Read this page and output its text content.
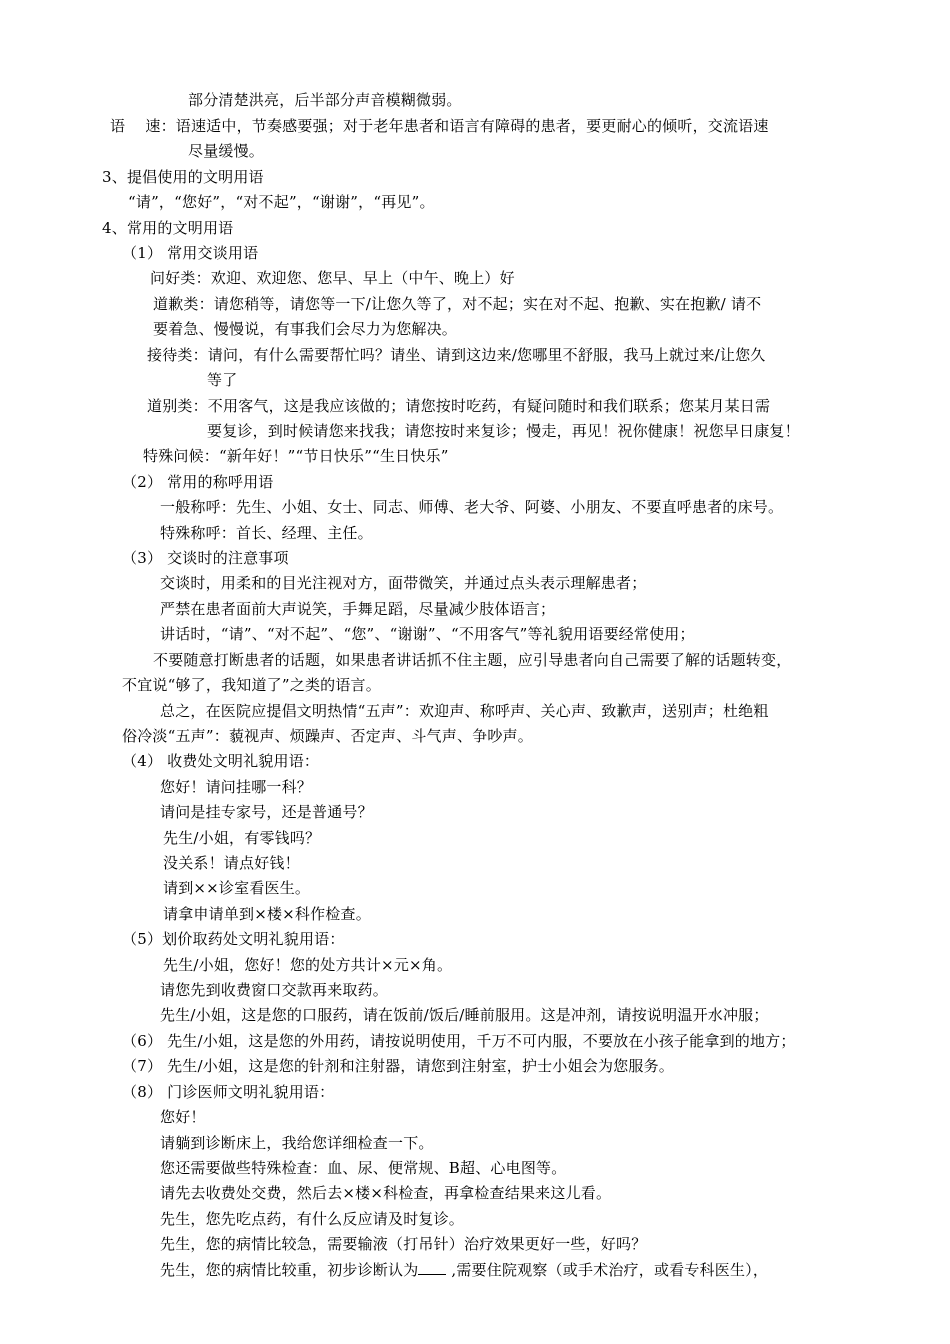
部分清楚洪亮，后半部分声音模糊微弱。
语　 速：语速适中，节奏感要强；对于老年患者和语言有障碍的患者，要更耐心的倾听，交流语速
尽量缓慢。
3、提倡使用的文明用语
“请”，“您好”，“对不起”，“谢谢”，“再见”。
4、常用的文明用语
（1） 常用交谈用语
问好类：欢迎、欢迎您、您早、早上（中午、晚上）好
道歉类：请您稍等，请您等一下/让您久等了，对不起；实在对不起、抱歉、实在抱歉/ 请不
要着急、慢慢说，有事我们会尽力为您解决。
接待类：请问，有什么需要帮忙吗？请坐、请到这边来/您哪里不舒服，我马上就过来/让您久
等了
道别类：不用客气，这是我应该做的；请您按时吃药，有疑问随时和我们联系；您某月某日需
要复诊，到时候请您来找我；请您按时来复诊；慢走，再见！祝你健康！祝您早日康复！
特殊问候：“新年好！”“节日快乐”“生日快乐”
（2） 常用的称呼用语
一般称呼：先生、小姐、女士、同志、师傅、老大爷、阿婆、小朋友、不要直呼患者的床号。
特殊称呼：首长、经理、主任。
（3） 交谈时的注意事项
交谈时，用柔和的目光注视对方，面带微笑，并通过点头表示理解患者；
严禁在患者面前大声说笑，手舞足蹈，尽量减少肢体语言；
讲话时，“请”、“对不起”、“您”、“谢谢”、“不用客气”等礼貌用语要经常使用；
不要随意打断患者的话题，如果患者讲话抓不住主题，应引导患者向自己需要了解的话题转变，
不宜说“够了，我知道了”之类的语言。
总之，在医院应提倡文明热情“五声”：欢迎声、称呼声、关心声、致歉声，送别声；杜绝粗
俗冷淡“五声”：藐视声、烦躁声、否定声、斗气声、争吵声。
（4） 收费处文明礼貌用语：
您好！请问挂哪一科？
请问是挂专家号，还是普通号？
先生/小姐，有零钱吗？
没关系！请点好钱！
请到××诊室看医生。
请拿申请单到×楼×科作检查。
（5）划价取药处文明礼貌用语：
先生/小姐，您好！您的处方共计×元×角。
请您先到收费窗口交款再来取药。
先生/小姐，这是您的口服药，请在饭前/饭后/睡前服用。这是冲剂，请按说明温开水冲服；
（6） 先生/小姐，这是您的外用药，请按说明使用，千万不可内服，不要放在小孩子能拿到的地方；
（7） 先生/小姐，这是您的针剂和注射器，请您到注射室，护士小姐会为您服务。
（8） 门诊医师文明礼貌用语：
您好！
请躺到诊断床上，我给您详细检查一下。
您还需要做些特殊检查：血、尿、便常规、B超、心电图等。
请先去收费处交费，然后去×楼×科检查，再拿检查结果来这儿看。
先生，您先吃点药，有什么反应请及时复诊。
先生，您的病情比较急，需要输液（打吊针）治疗效果更好一些，好吗？
先生，您的病情比较重，初步诊断认为 ,需要住院观察（或手术治疗，或看专科医生），
